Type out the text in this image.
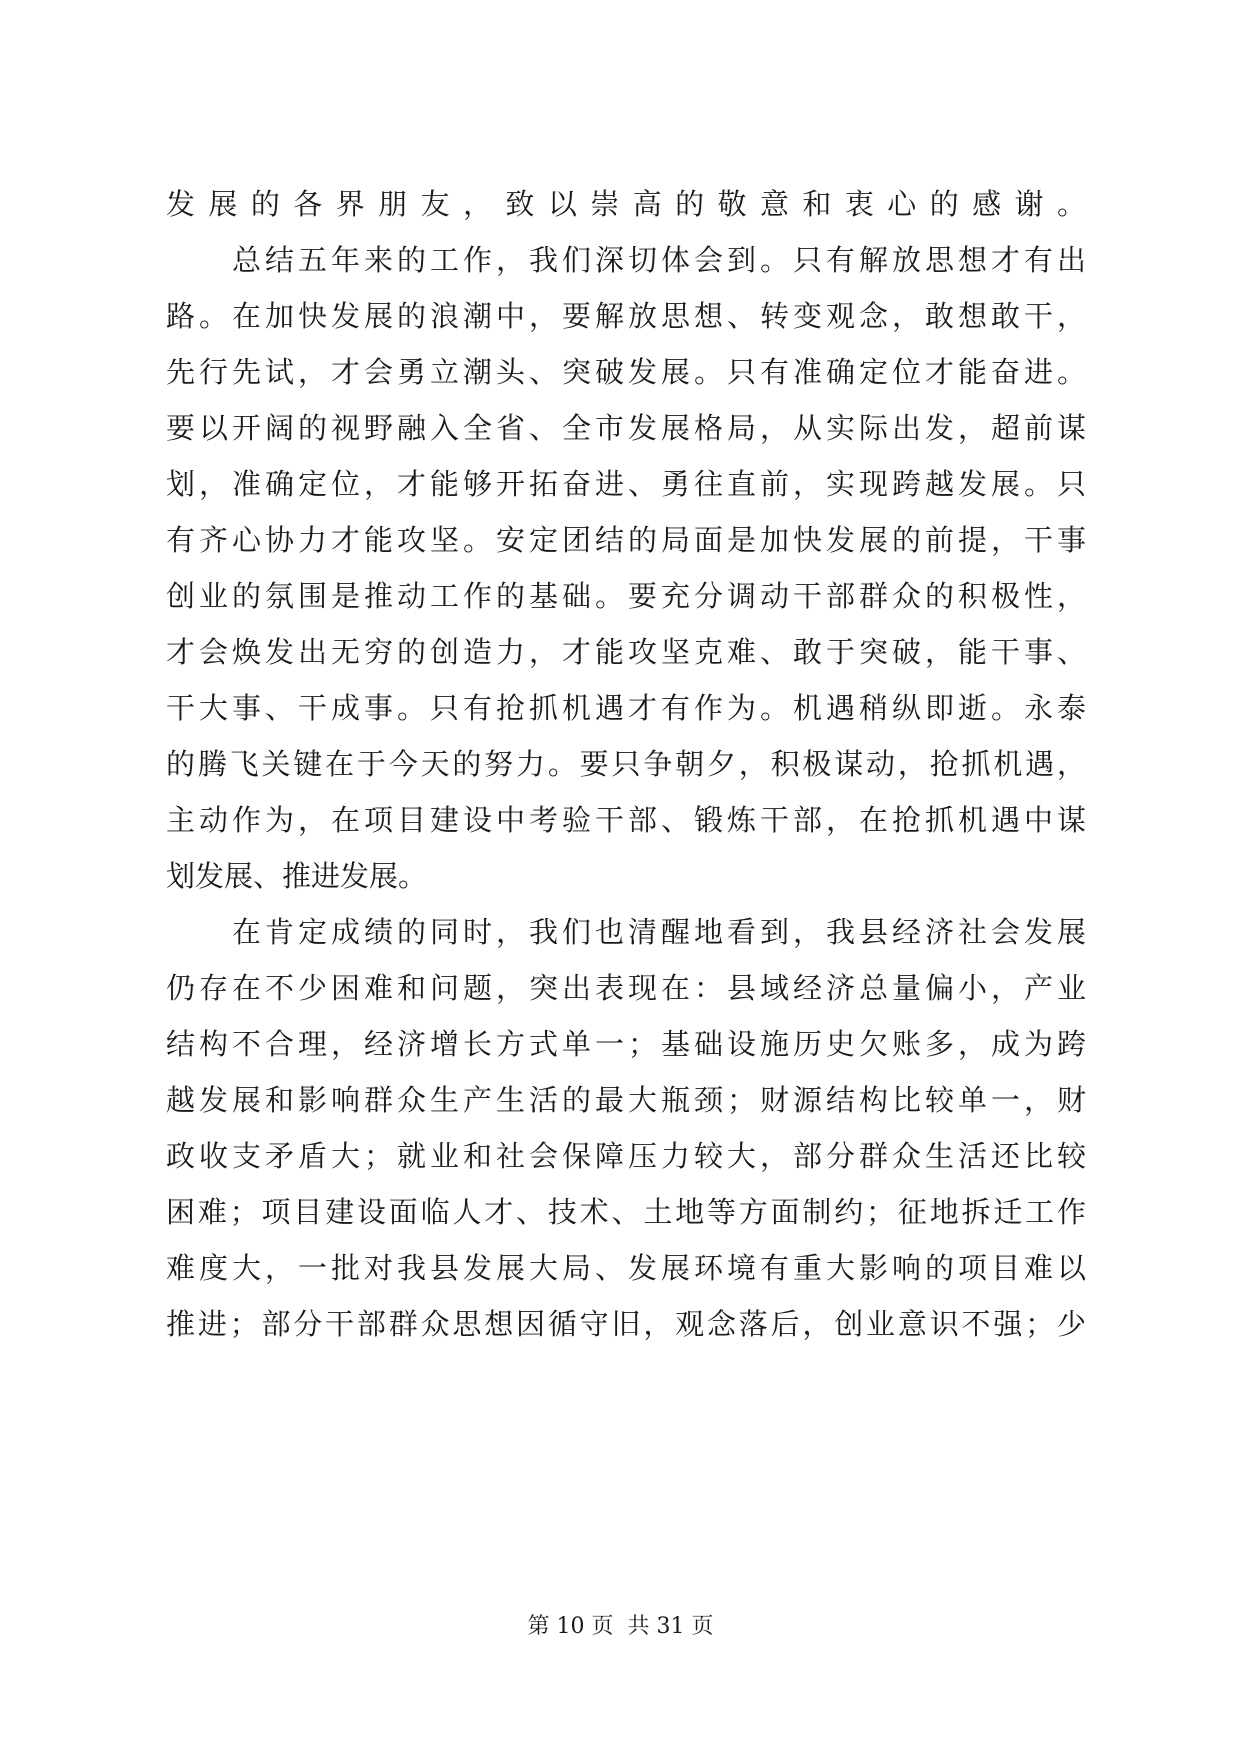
发展的各界朋友，致以崇高的敬意和衷心的感谢。
　　总结五年来的工作，我们深切体会到。只有解放思想才有出
路。在加快发展的浪潮中，要解放思想、转变观念，敢想敢干，
先行先试，才会勇立潮头、突破发展。只有准确定位才能奋进。
要以开阔的视野融入全省、全市发展格局，从实际出发，超前谋
划，准确定位，才能够开拓奋进、勇往直前，实现跨越发展。只
有齐心协力才能攻坚。安定团结的局面是加快发展的前提，干事
创业的氛围是推动工作的基础。要充分调动干部群众的积极性，
才会焕发出无穷的创造力，才能攻坚克难、敢于突破，能干事、
干大事、干成事。只有抢抓机遇才有作为。机遇稍纵即逝。永泰
的腾飞关键在于今天的努力。要只争朝夕，积极谋动，抢抓机遇，
主动作为，在项目建设中考验干部、锻炼干部，在抢抓机遇中谋
划发展、推进发展。
　　在肯定成绩的同时，我们也清醒地看到，我县经济社会发展
仍存在不少困难和问题，突出表现在：县域经济总量偏小，产业
结构不合理，经济增长方式单一；基础设施历史欠账多，成为跨
越发展和影响群众生产生活的最大瓶颈；财源结构比较单一，财
政收支矛盾大；就业和社会保障压力较大，部分群众生活还比较
困难；项目建设面临人才、技术、土地等方面制约；征地拆迁工作
难度大，一批对我县发展大局、发展环境有重大影响的项目难以
推进；部分干部群众思想因循守旧，观念落后，创业意识不强；少
第 10 页 共 31 页
